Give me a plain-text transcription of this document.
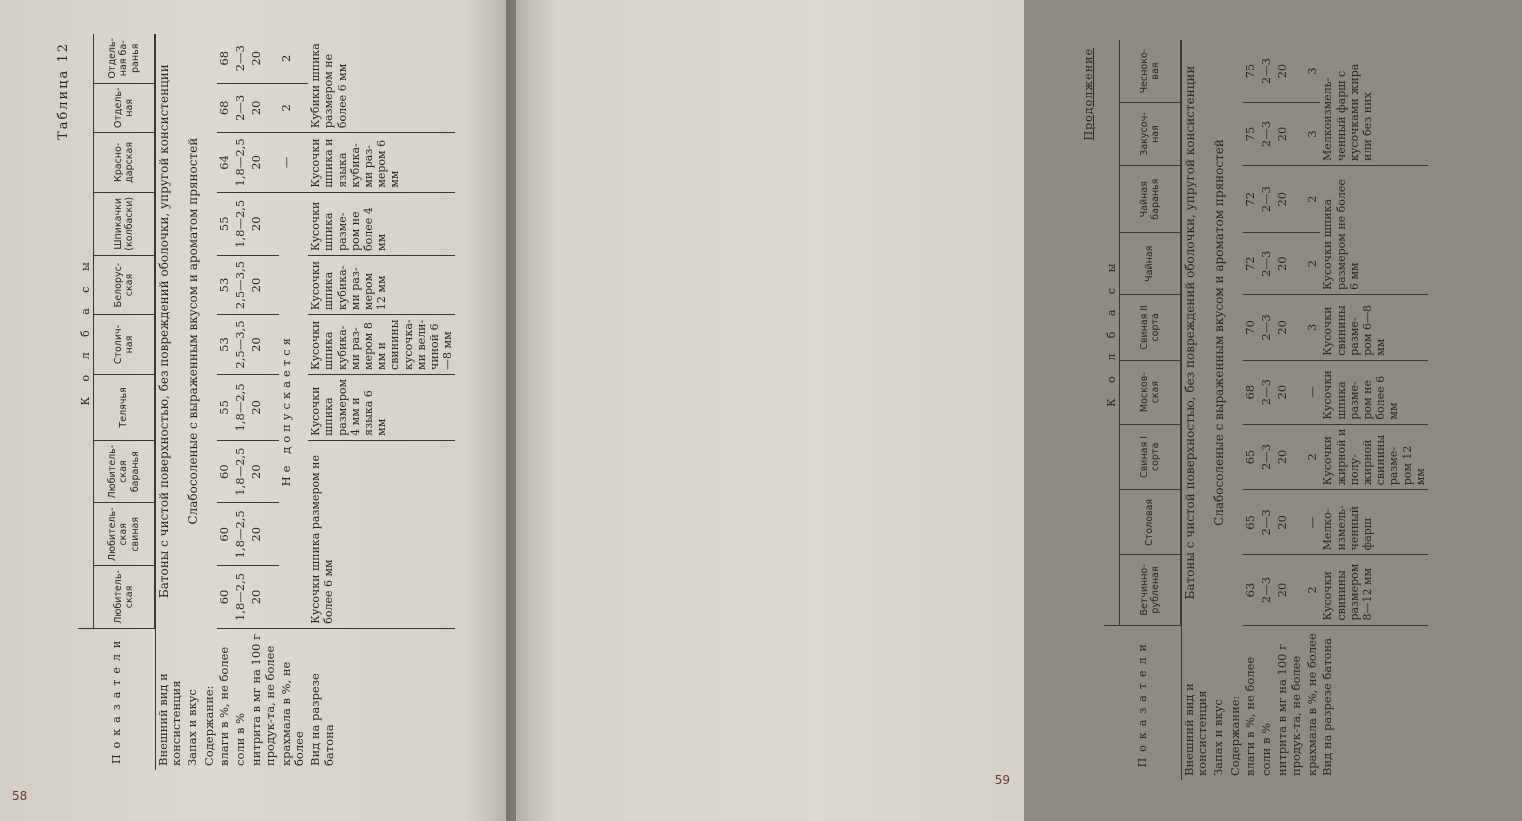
Таблица 12
Показатели	К о л б а с ы									
	Любитель-ская	Любитель-ская свиная	Любитель-ская баранья	Телячья	Столич-ная	Белорус-ская	Шпикачки (колбаски)	Красно-дарская	Отдель-ная	Отдель-ная ба-ранья
Внешний вид и консистенция	Батоны с чистой поверхностью, без повреждений оболочки, упругой консистенции									
Запах и вкус	Слабосоленые с выраженным вкусом и ароматом пряностей									
Содержание:										
влаги в %, не более	60	60	60	55	53	53	55	64	68	68
соли в %	1,8—2,5	1,8—2,5	1,8—2,5	1,8—2,5	2,5—3,5	2,5—3,5	1,8—2,5	1,8—2,5	2—3	2—3
нитрита в мг на 100 г продук-та, не более	20	20	20	20	20	20	20	20	20	20
крахмала в %, не более	Не допускается							—	2	2
Вид на разрезе батона	Кусочки шпика размером не более 6 мм			Кусочки шпика размером 4 мм и языка 6 мм	Кусочки шпика кубика-ми раз-мером 8 мм и свинины кусочка-ми вели-чиной 6—8 мм	Кусочки шпика кубика-ми раз-мером 12 мм	Кусочки шпика разме-ром не более 4 мм	Кусочки шпика и языка кубика-ми раз-мером 6 мм	Кубики шпика размером не более 6 мм	
58
Продолжение
Показатели	К о л б а с ы								
	Ветчинно-рубленая	Столовая	Свиная I сорта	Москов-ская	Свиная II сорта	Чайная	Чайная баранья	Закусоч-ная	Чесноко-вая
Внешний вид и консистенция	Батоны с чистой поверхностью, без повреждений оболочки, упругой консистенции								
Запах и вкус	Слабосоленые с выраженным вкусом и ароматом пряностей								
Содержание:									
влаги в %, не более	63	65	65	68	70	72	72	75	75
соли в %	2—3	2—3	2—3	2—3	2—3	2—3	2—3	2—3	2—3
нитрита в мг на 100 г продук-та, не более	20	20	20	20	20	20	20	20	20
крахмала в %, не более	2	—	2	—	3	2	2	3	3
Вид на разрезе батона	Кусочки свинины размером 8—12 мм	Мелко-измель-ченный фарш	Кусочки жирной и полу-жирной свинины разме-ром 12 мм	Кусочки шпика разме-ром не более 6 мм	Кусочки свинины разме-ром 6—8 мм	Кусочки шпика размером не более 6 мм		Мелкоизмель-ченный фарш с кусочками жира или без них	
59
